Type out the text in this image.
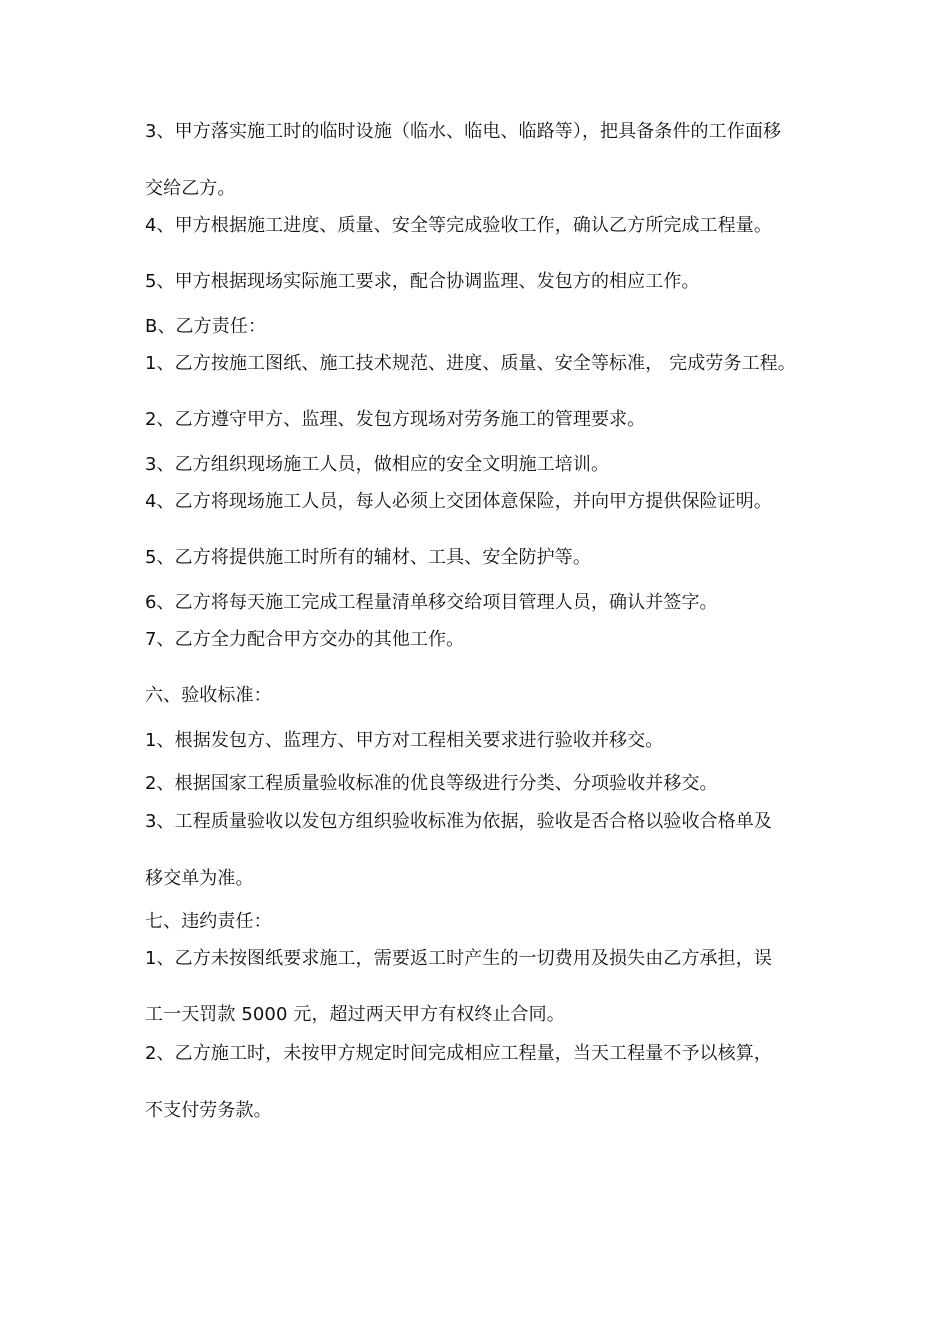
3、甲方落实施工时的临时设施（临水、临电、临路等），把具备条件的工作面移
交给乙方。
4、甲方根据施工进度、质量、安全等完成验收工作，确认乙方所完成工程量。
5、甲方根据现场实际施工要求，配合协调监理、发包方的相应工作。
B、乙方责任：
1、乙方按施工图纸、施工技术规范、进度、质量、安全等标准， 完成劳务工程。
2、乙方遵守甲方、监理、发包方现场对劳务施工的管理要求。
3、乙方组织现场施工人员，做相应的安全文明施工培训。
4、乙方将现场施工人员，每人必须上交团体意保险，并向甲方提供保险证明。
5、乙方将提供施工时所有的辅材、工具、安全防护等。
6、乙方将每天施工完成工程量清单移交给项目管理人员，确认并签字。
7、乙方全力配合甲方交办的其他工作。
六、验收标准：
1、根据发包方、监理方、甲方对工程相关要求进行验收并移交。
2、根据国家工程质量验收标准的优良等级进行分类、分项验收并移交。
3、工程质量验收以发包方组织验收标准为依据，验收是否合格以验收合格单及
移交单为准。
七、违约责任：
1、乙方未按图纸要求施工，需要返工时产生的一切费用及损失由乙方承担，误
工一天罚款 5000 元，超过两天甲方有权终止合同。
2、乙方施工时，未按甲方规定时间完成相应工程量，当天工程量不予以核算，
不支付劳务款。
